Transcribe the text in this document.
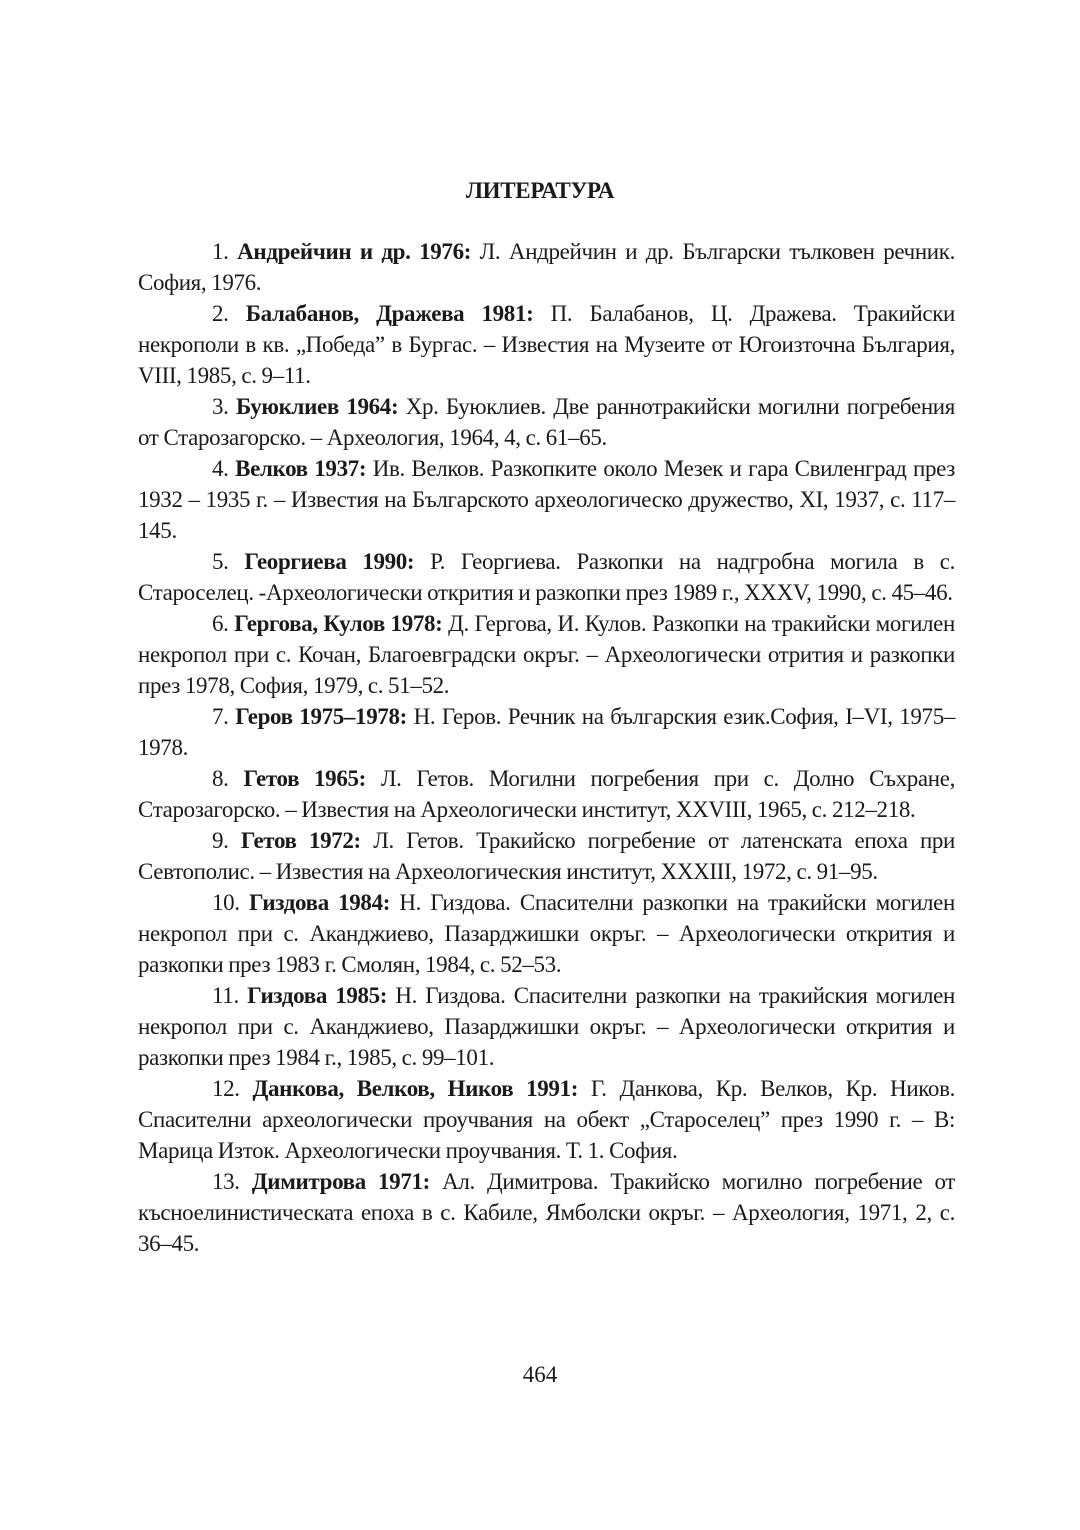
ЛИТЕРАТУРА

1. Андрейчин и др. 1976: Л. Андрейчин и др. Български тълковен речник. София, 1976.

2. Балабанов, Дражева 1981: П. Балабанов, Ц. Дражева. Тракийски некрополи в кв. „Победа” в Бургас. – Известия на Музеите от Югоизточна България, VIII, 1985, с. 9–11.

3. Буюклиев 1964: Хр. Буюклиев. Две раннотракийски могилни погребения от Старозагорско. – Археология, 1964, 4, с. 61–65.

4. Велков 1937: Ив. Велков. Разкопките около Мезек и гара Свиленград през 1932 – 1935 г. – Известия на Българското археологическо дружество, XI, 1937, с. 117–145.

5. Георгиева 1990: Р. Георгиева. Разкопки на надгробна могила в с. Староселец. -Археологически открития и разкопки през 1989 г., XXXV, 1990, с. 45–46.

6. Гергова, Кулов 1978: Д. Гергова, И. Кулов. Разкопки на тракийски могилен некропол при с. Кочан, Благоевградски окръг. – Археологически отрития и разкопки през 1978, София, 1979, с. 51–52.

7. Геров 1975–1978: Н. Геров. Речник на българския език.София, I–VI, 1975–1978.

8. Гетов 1965: Л. Гетов. Могилни погребения при с. Долно Съхране, Старозагорско. – Известия на Археологически институт, XXVIII, 1965, с. 212–218.

9. Гетов 1972: Л. Гетов. Тракийско погребение от латенската епоха при Севтополис. – Известия на Археологическия институт, XXXIII, 1972, с. 91–95.

10. Гиздова 1984: Н. Гиздова. Спасителни разкопки на тракийски могилен некропол при с. Аканджиево, Пазарджишки окръг. – Археологически открития и разкопки през 1983 г. Смолян, 1984, с. 52–53.

11. Гиздова 1985: Н. Гиздова. Спасителни разкопки на тракийския могилен некропол при с. Аканджиево, Пазарджишки окръг. – Археологически открития и разкопки през 1984 г., 1985, с. 99–101.

12. Данкова, Велков, Ников 1991: Г. Данкова, Кр. Велков, Кр. Ников. Спасителни археологически проучвания на обект „Староселец” през 1990 г. – В: Марица Изток. Археологически проучвания. Т. 1. София.

13. Димитрова 1971: Ал. Димитрова. Тракийско могилно погребение от късноелинистическата епоха в с. Кабиле, Ямболски окръг. – Археология, 1971, 2, с. 36–45.

464
